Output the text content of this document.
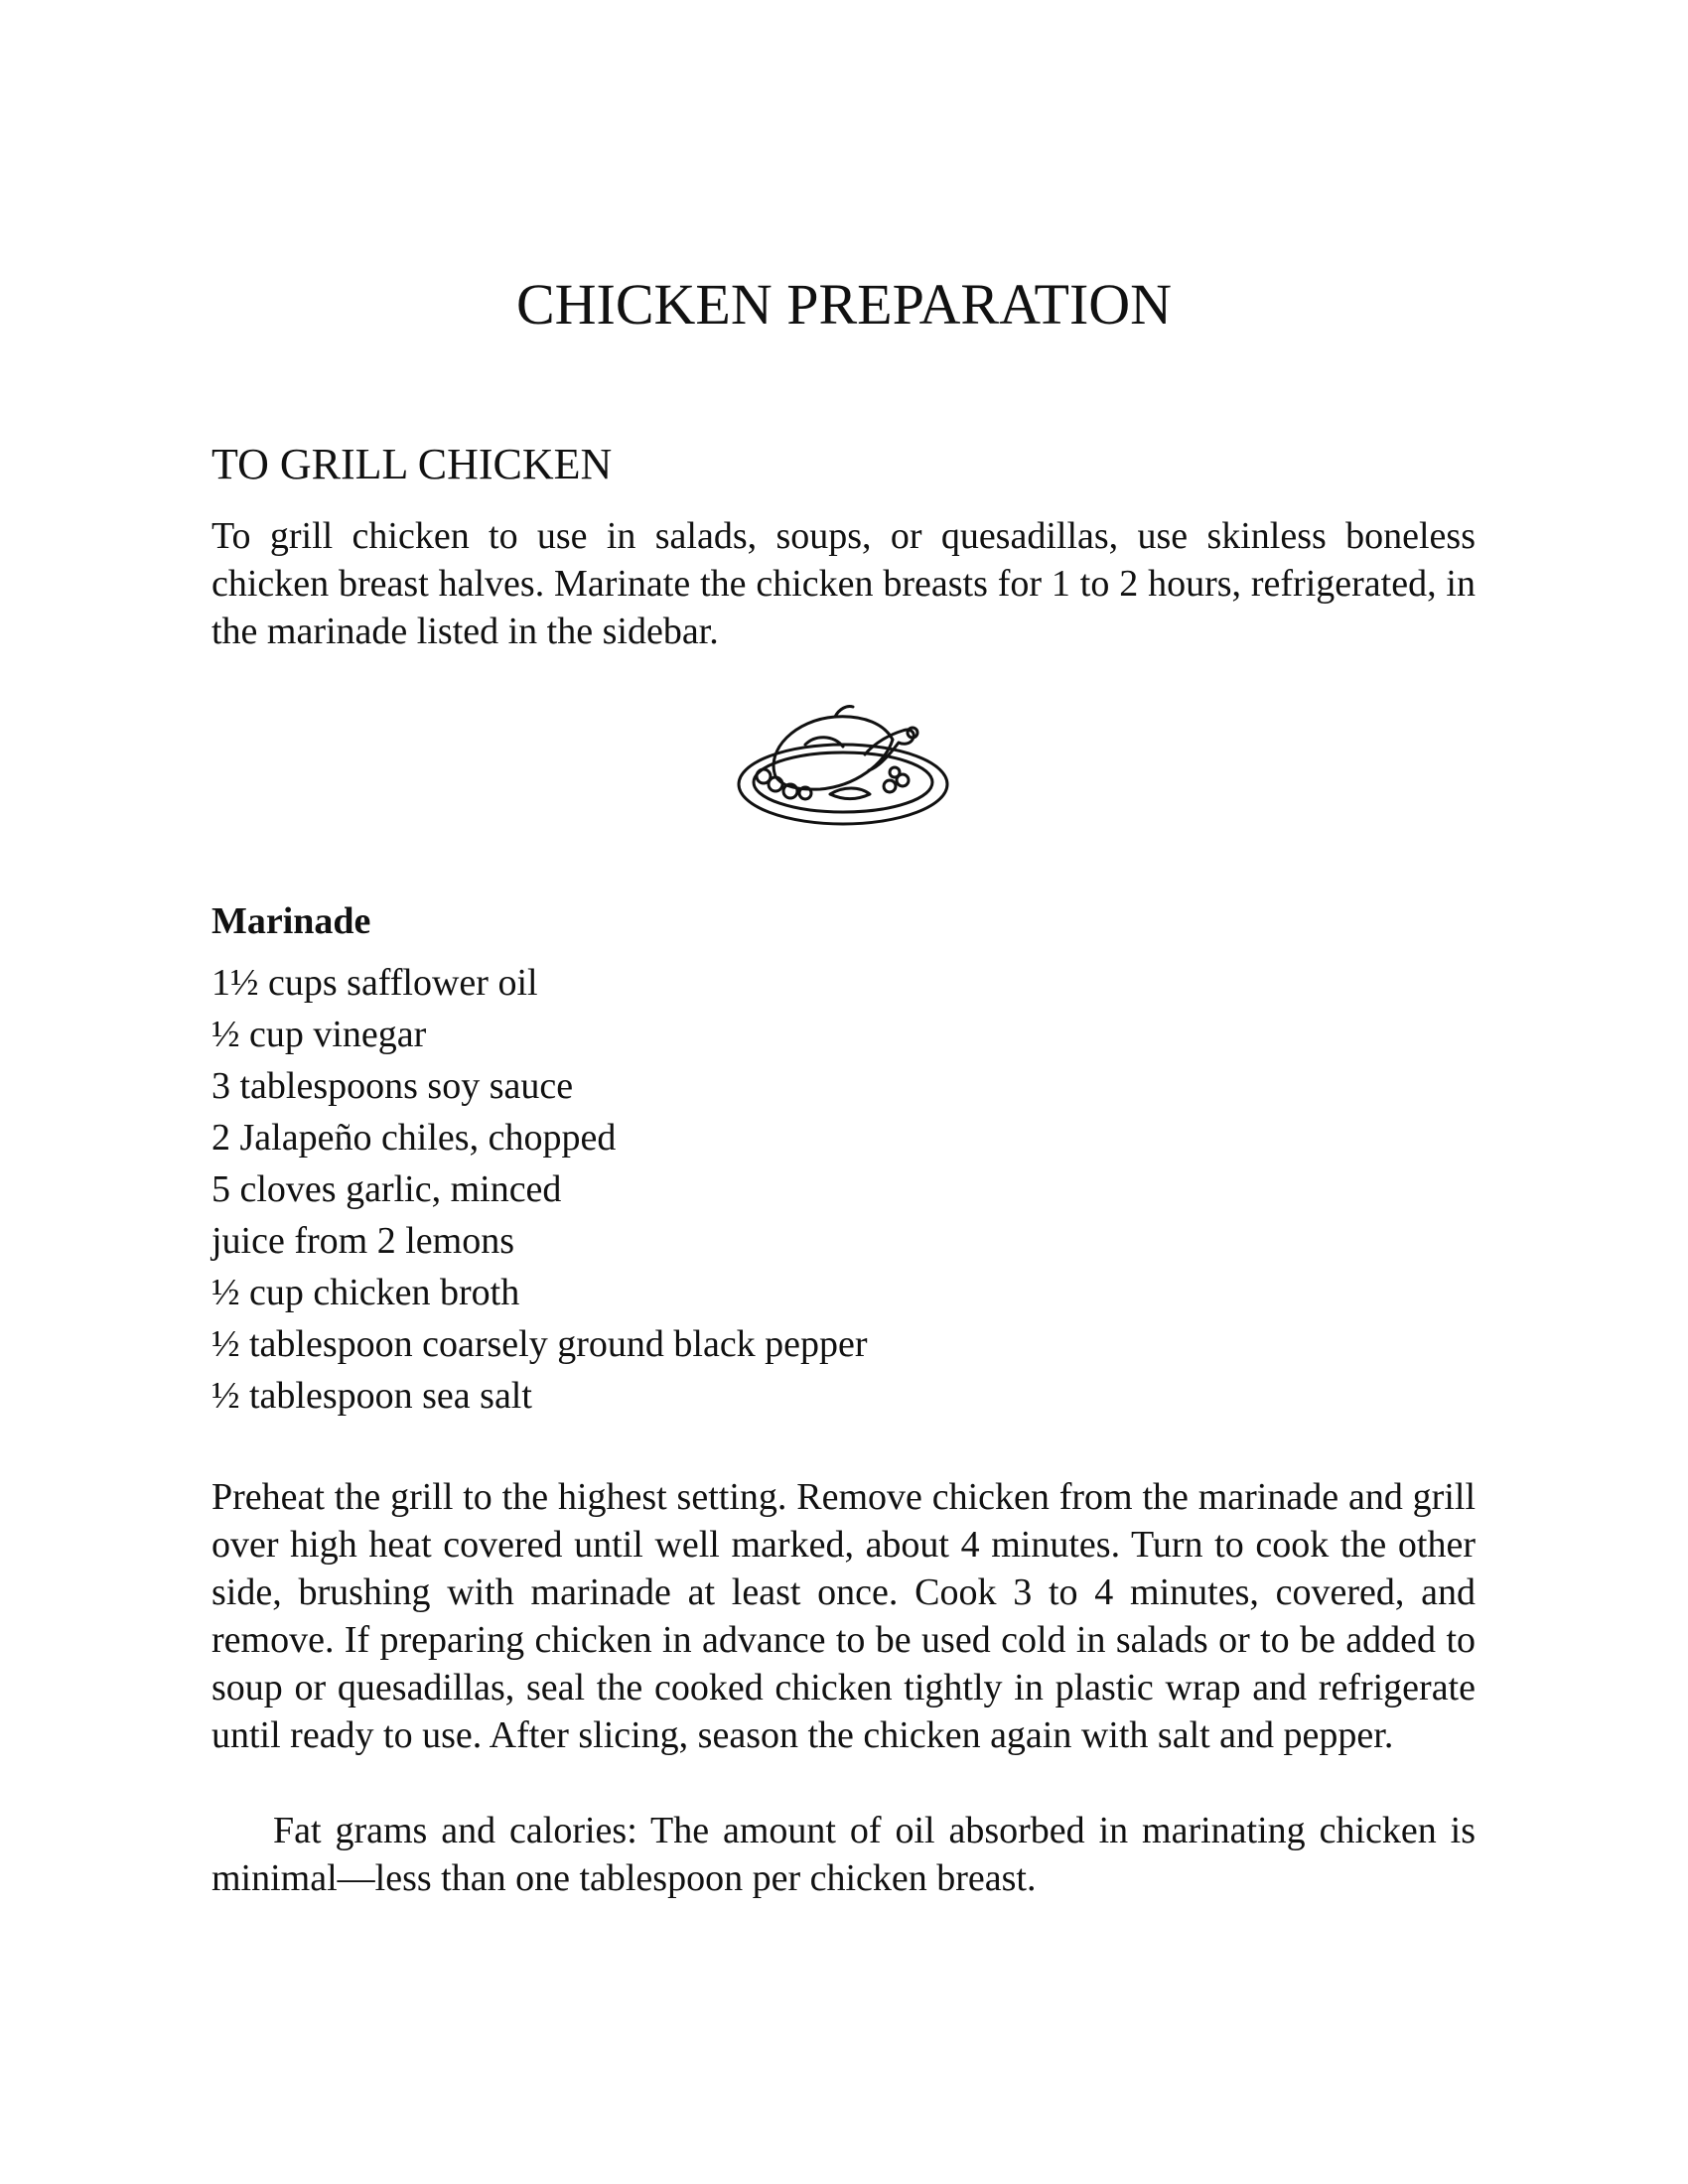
CHICKEN PREPARATION
TO GRILL CHICKEN

To grill chicken to use in salads, soups, or quesadillas, use skinless boneless chicken breast halves. Marinate the chicken breasts for 1 to 2 hours, refrigerated, in the marinade listed in the sidebar.

Marinade
1½ cups safflower oil
½ cup vinegar
3 tablespoons soy sauce
2 Jalapeño chiles, chopped
5 cloves garlic, minced
juice from 2 lemons
½ cup chicken broth
½ tablespoon coarsely ground black pepper
½ tablespoon sea salt

Preheat the grill to the highest setting. Remove chicken from the marinade and grill over high heat covered until well marked, about 4 minutes. Turn to cook the other side, brushing with marinade at least once. Cook 3 to 4 minutes, covered, and remove. If preparing chicken in advance to be used cold in salads or to be added to soup or quesadillas, seal the cooked chicken tightly in plastic wrap and refrigerate until ready to use. After slicing, season the chicken again with salt and pepper.

Fat grams and calories: The amount of oil absorbed in marinating chicken is minimal—less than one tablespoon per chicken breast.
